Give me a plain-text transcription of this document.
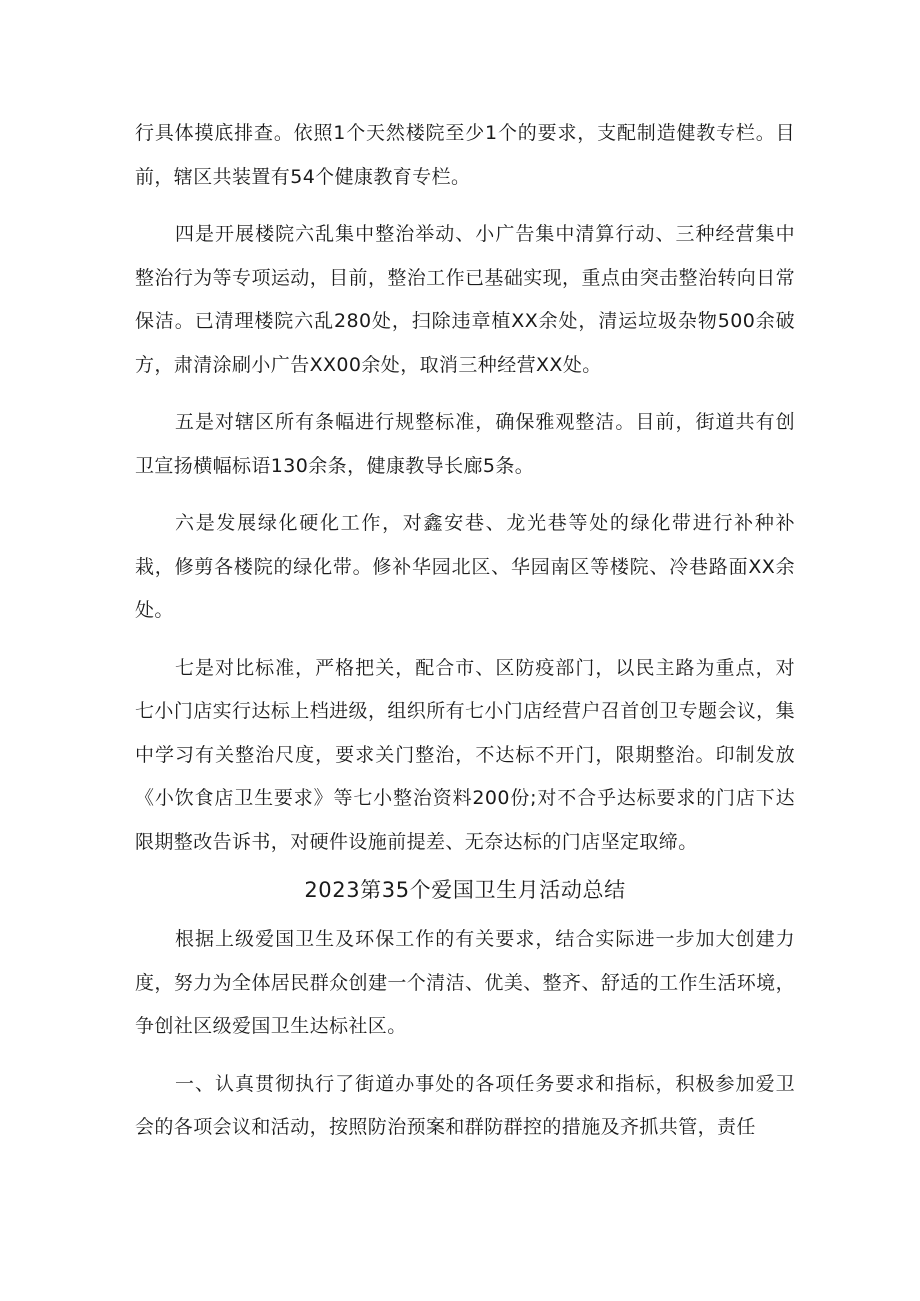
行具体摸底排查。依照1个天然楼院至少1个的要求，支配制造健教专栏。目前，辖区共装置有54个健康教育专栏。

四是开展楼院六乱集中整治举动、小广告集中清算行动、三种经营集中整治行为等专项运动，目前，整治工作已基础实现，重点由突击整治转向日常保洁。已清理楼院六乱280处，扫除违章植XX余处，清运垃圾杂物500余破方，肃清涂刷小广告XX00余处，取消三种经营XX处。

五是对辖区所有条幅进行规整标准，确保雅观整洁。目前，街道共有创卫宣扬横幅标语130余条，健康教导长廊5条。

六是发展绿化硬化工作，对鑫安巷、龙光巷等处的绿化带进行补种补栽，修剪各楼院的绿化带。修补华园北区、华园南区等楼院、冷巷路面XX余处。

七是对比标准，严格把关，配合市、区防疫部门，以民主路为重点，对七小门店实行达标上档进级，组织所有七小门店经营户召首创卫专题会议，集中学习有关整治尺度，要求关门整治，不达标不开门，限期整治。印制发放《小饮食店卫生要求》等七小整治资料200份;对不合乎达标要求的门店下达限期整改告诉书，对硬件设施前提差、无奈达标的门店坚定取缔。

2023第35个爱国卫生月活动总结

根据上级爱国卫生及环保工作的有关要求，结合实际进一步加大创建力度，努力为全体居民群众创建一个清洁、优美、整齐、舒适的工作生活环境，争创社区级爱国卫生达标社区。

一、认真贯彻执行了街道办事处的各项任务要求和指标，积极参加爱卫会的各项会议和活动，按照防治预案和群防群控的措施及齐抓共管，责任
